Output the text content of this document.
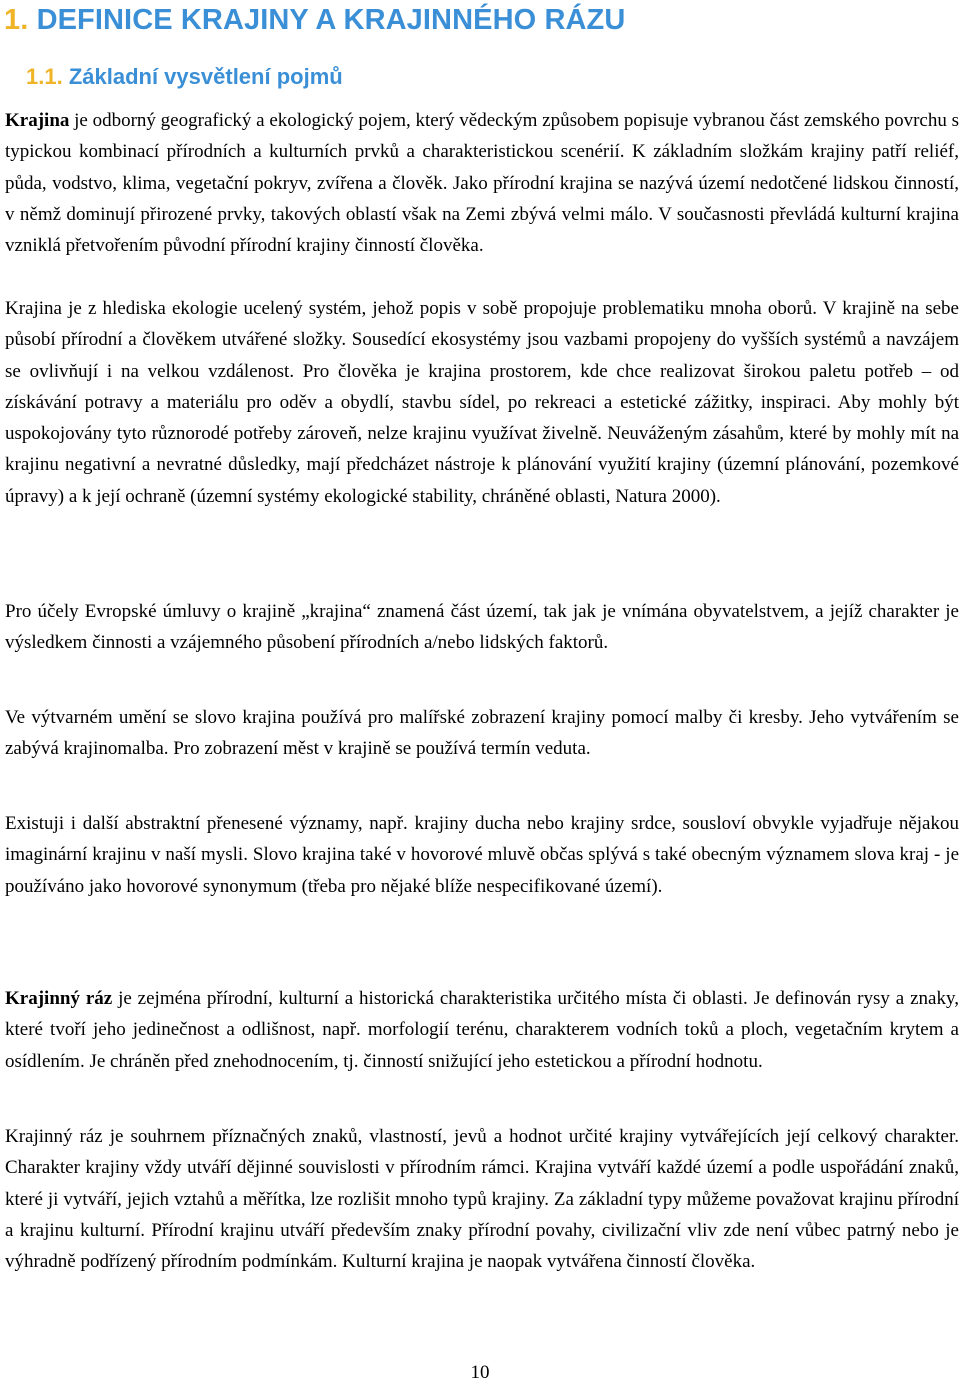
1. DEFINICE KRAJINY A KRAJINNÉHO RÁZU
1.1. Základní vysvětlení pojmů

Krajina je odborný geografický a ekologický pojem, který vědeckým způsobem popisuje vybranou část zemského povrchu s typickou kombinací přírodních a kulturních prvků a charakteristickou scenérií. K základním složkám krajiny patří reliéf, půda, vodstvo, klima, vegetační pokryv, zvířena a člověk. Jako přírodní krajina se nazývá území nedotčené lidskou činností, v němž dominují přirozené prvky, takových oblastí však na Zemi zbývá velmi málo. V současnosti převládá kulturní krajina vzniklá přetvořením původní přírodní krajiny činností člověka.

Krajina je z hlediska ekologie ucelený systém, jehož popis v sobě propojuje problematiku mnoha oborů. V krajině na sebe působí přírodní a člověkem utvářené složky. Sousedící ekosystémy jsou vazbami propojeny do vyšších systémů a navzájem se ovlivňují i na velkou vzdálenost. Pro člověka je krajina prostorem, kde chce realizovat širokou paletu potřeb – od získávání potravy a materiálu pro oděv a obydlí, stavbu sídel, po rekreaci a estetické zážitky, inspiraci. Aby mohly být uspokojovány tyto různorodé potřeby zároveň, nelze krajinu využívat živelně. Neuváženým zásahům, které by mohly mít na krajinu negativní a nevratné důsledky, mají předcházet nástroje k plánování využití krajiny (územní plánování, pozemkové úpravy) a k její ochraně (územní systémy ekologické stability, chráněné oblasti, Natura 2000).

Pro účely Evropské úmluvy o krajině „krajina“ znamená část území, tak jak je vnímána obyvatelstvem, a jejíž charakter je výsledkem činnosti a vzájemného působení přírodních a/nebo lidských faktorů.

Ve výtvarném umění se slovo krajina používá pro malířské zobrazení krajiny pomocí malby či kresby. Jeho vytvářením se zabývá krajinomalba. Pro zobrazení měst v krajině se používá termín veduta.

Existuji i další abstraktní přenesené významy, např. krajiny ducha nebo krajiny srdce, sousloví obvykle vyjadřuje nějakou imaginární krajinu v naší mysli. Slovo krajina také v hovorové mluvě občas splývá s také obecným významem slova kraj - je používáno jako hovorové synonymum (třeba pro nějaké blíže nespecifikované území).

Krajinný ráz je zejména přírodní, kulturní a historická charakteristika určitého místa či oblasti. Je definován rysy a znaky, které tvoří jeho jedinečnost a odlišnost, např. morfologií terénu, charakterem vodních toků a ploch, vegetačním krytem a osídlením. Je chráněn před znehodnocením, tj. činností snižující jeho estetickou a přírodní hodnotu.

Krajinný ráz je souhrnem příznačných znaků, vlastností, jevů a hodnot určité krajiny vytvářejících její celkový charakter. Charakter krajiny vždy utváří dějinné souvislosti v přírodním rámci. Krajina vytváří každé území a podle uspořádání znaků, které ji vytváří, jejich vztahů a měřítka, lze rozlišit mnoho typů krajiny. Za základní typy můžeme považovat krajinu přírodní a krajinu kulturní. Přírodní krajinu utváří především znaky přírodní povahy, civilizační vliv zde není vůbec patrný nebo je výhradně podřízený přírodním podmínkám. Kulturní krajina je naopak vytvářena činností člověka.

10
